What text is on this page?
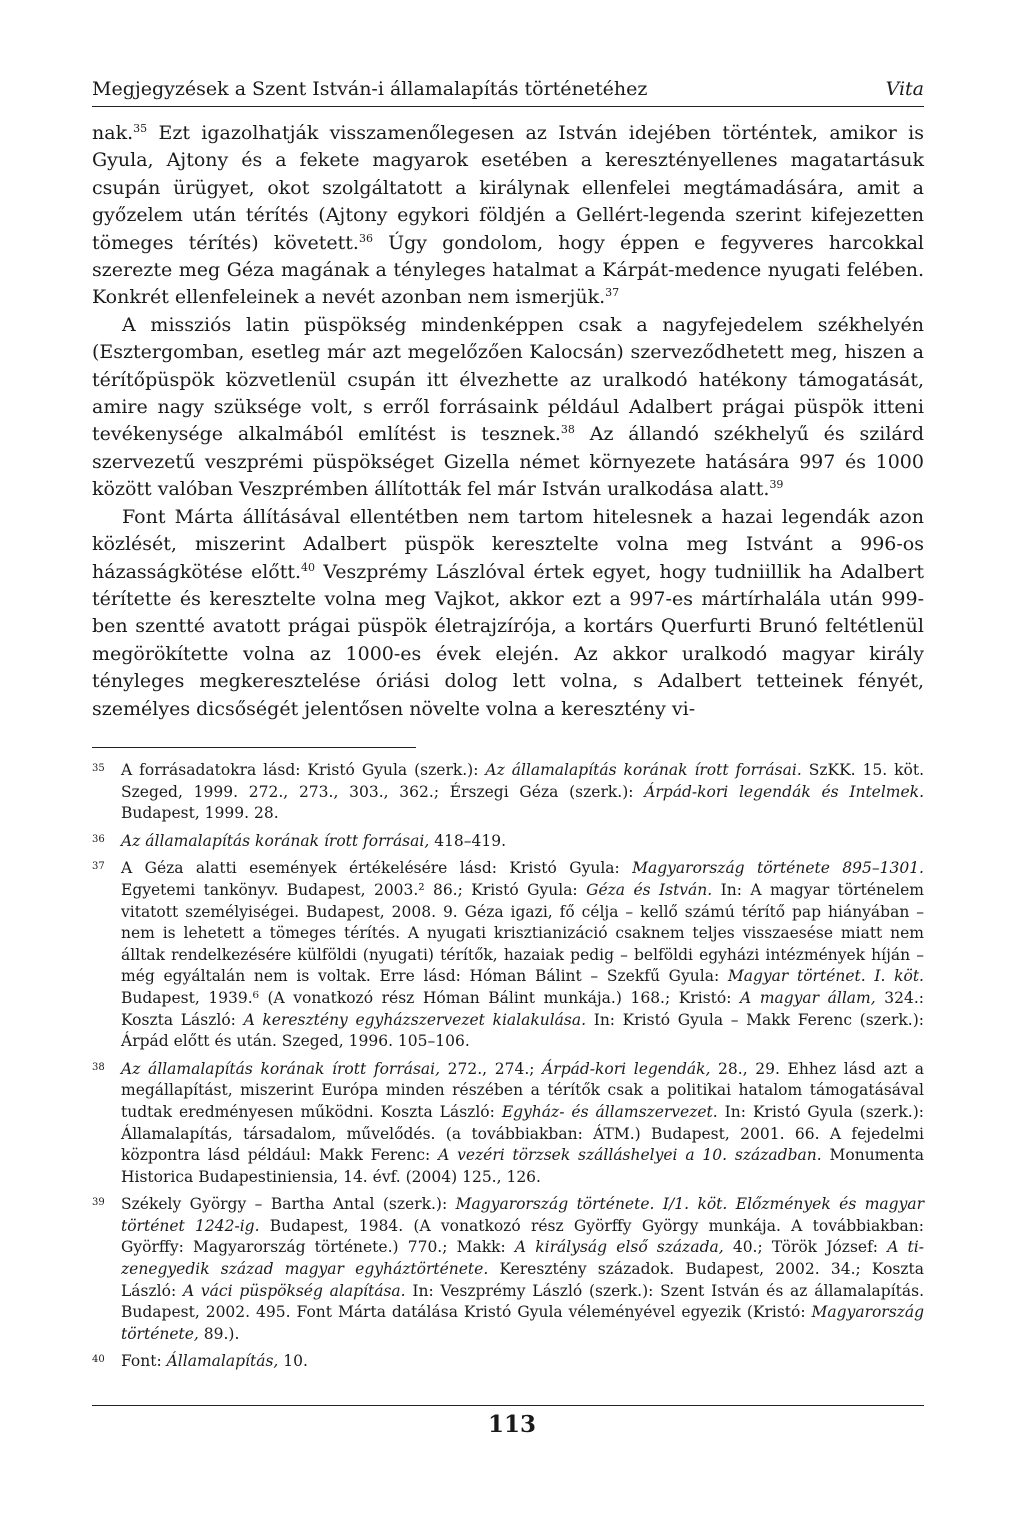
Megjegyzések a Szent István-i államalapítás történetéhez	Vita

nak.$^{35}$ Ezt igazolhatják visszamenőlegesen az István idejében történtek, amikor is Gyula, Ajtony és a fekete magyarok esetében a keresztényellenes magatartásuk csupán ürügyet, okot szolgáltatott a királynak ellenfelei megtámadására, amit a győzelem után térítés (Ajtony egykori földjén a Gellért-legenda szerint kifejezetten tömeges térítés) követett.$^{36}$ Úgy gondolom, hogy éppen e fegyveres harcokkal szerezte meg Géza magának a tényleges hatalmat a Kárpát-medence nyugati felében. Konkrét ellenfeleinek a nevét azonban nem ismerjük.$^{37}$

A missziós latin püspökség mindenképpen csak a nagyfejedelem székhelyén (Esztergomban, esetleg már azt megelőzően Kalocsán) szerveződhetett meg, hiszen a térítőpüspök közvetlenül csupán itt élvezhette az uralkodó hatékony támogatását, amire nagy szüksége volt, s erről forrásaink például Adalbert prágai püspök itteni tevékenysége alkalmából említést is tesznek.$^{38}$ Az állandó székhelyű és szilárd szervezetű veszprémi püspökséget Gizella német környezete hatására 997 és 1000 között valóban Veszprémben állították fel már István uralkodása alatt.$^{39}$

Font Márta állításával ellentétben nem tartom hitelesnek a hazai legendák azon közlését, miszerint Adalbert püspök keresztelte volna meg Istvánt a 996-os házasságkötése előtt.$^{40}$ Veszprémy Lászlóval értek egyet, hogy tudniillik ha Adalbert térítette és keresztelte volna meg Vajkot, akkor ezt a 997-es mártírhalála után 999-ben szentté avatott prágai püspök életrajzírója, a kortárs Querfurti Brunó feltétlenül megörökítette volna az 1000-es évek elején. Az akkor uralkodó magyar király tényleges megkeresztelése óriási dolog lett volna, s Adalbert tetteinek fényét, személyes dicsőségét jelentősen növelte volna a keresztény vi-

35	A forrásadatokra lásd: Kristó Gyula (szerk.): Az államalapítás korának írott forrásai. SzKK. 15. köt. Szeged, 1999. 272., 273., 303., 362.; Érszegi Géza (szerk.): Árpád-kori legendák és Intelmek. Budapest, 1999. 28.
36	Az államalapítás korának írott forrásai, 418–419.
37	A Géza alatti események értékelésére lásd: Kristó Gyula: Magyarország története 895–1301. Egyetemi tankönyv. Budapest, 2003.² 86.; Kristó Gyula: Géza és István. In: A magyar történelem vitatott személyiségei. Budapest, 2008. 9. Géza igazi, fő célja – kellő számú térítő pap hiányában – nem is lehetett a tömeges térítés. A nyugati krisztianizáció csaknem teljes visszaesése miatt nem álltak rendelkezésére külföldi (nyugati) térítők, hazaiak pedig – belföldi egyházi intézmények híján – még egyáltalán nem is voltak. Erre lásd: Hóman Bálint – Szekfű Gyula: Magyar történet. I. köt. Budapest, 1939.⁶ (A vonatkozó rész Hóman Bálint munkája.) 168.; Kristó: A magyar állam, 324.: Koszta László: A keresztény egyházszervezet kialakulása. In: Kristó Gyula – Makk Ferenc (szerk.): Árpád előtt és után. Szeged, 1996. 105–106.
38	Az államalapítás korának írott forrásai, 272., 274.; Árpád-kori legendák, 28., 29. Ehhez lásd azt a megállapítást, miszerint Európa minden részében a térítők csak a politikai hatalom támogatásával tudtak eredményesen működni. Koszta László: Egyház- és államszervezet. In: Kristó Gyula (szerk.): Államalapítás, társadalom, művelődés. (a továbbiakban: ÁTM.) Budapest, 2001. 66. A fejedelmi központra lásd például: Makk Ferenc: A vezéri törzsek szálláshelyei a 10. században. Monumenta Historica Budapestiniensia, 14. évf. (2004) 125., 126.
39	Székely György – Bartha Antal (szerk.): Magyarország története. I/1. köt. Előzmények és magyar történet 1242-ig. Budapest, 1984. (A vonatkozó rész Györffy György munkája. A továbbiakban: Györffy: Magyarország története.) 770.; Makk: A királyság első százada, 40.; Török József: A tizenegyedik század magyar egyháztörténete. Keresztény századok. Budapest, 2002. 34.; Koszta László: A váci püspökség alapítása. In: Veszprémy László (szerk.): Szent István és az államalapítás. Budapest, 2002. 495. Font Márta datálása Kristó Gyula véleményével egyezik (Kristó: Magyarország története, 89.).
40	Font: Államalapítás, 10.
113
